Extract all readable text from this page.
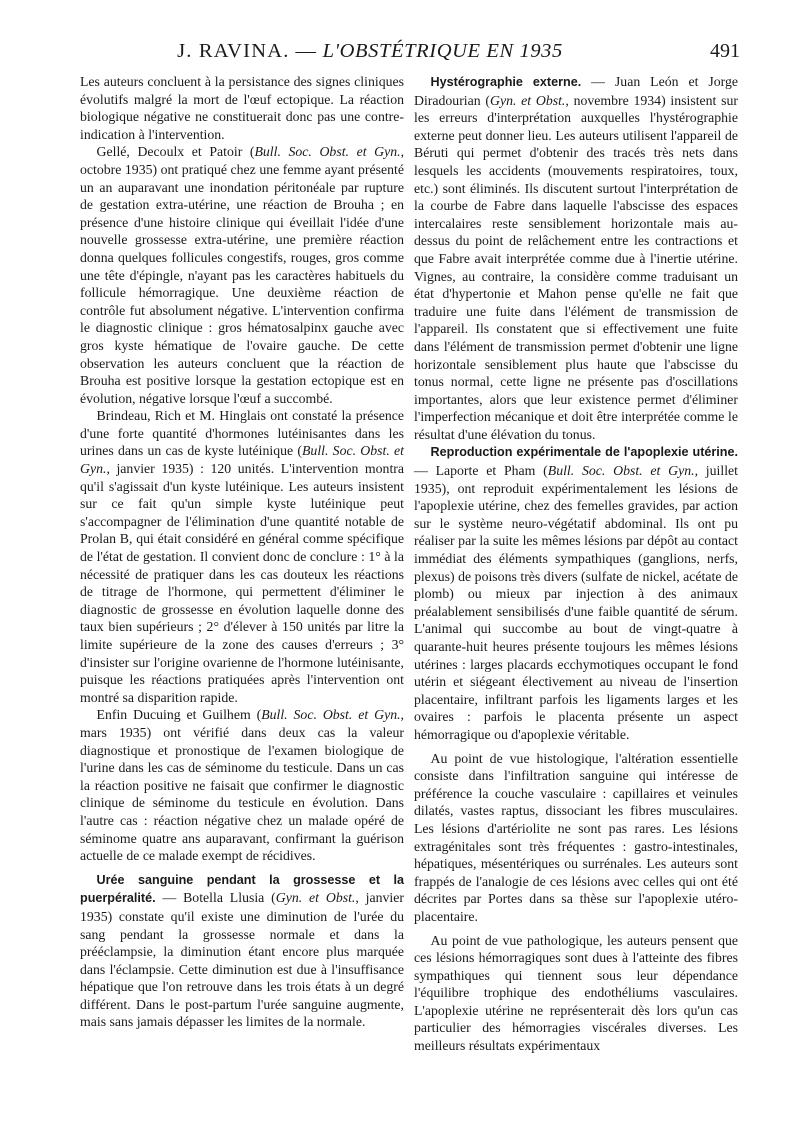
J. RAVINA. — L'OBSTÉTRIQUE EN 1935	491

Les auteurs concluent à la persistance des signes cliniques évolutifs malgré la mort de l'œuf ectopique. La réaction biologique négative ne constituerait donc pas une contre-indication à l'intervention.

Gellé, Decoulx et Patoir (Bull. Soc. Obst. et Gyn., octobre 1935) ont pratiqué chez une femme ayant présenté un an auparavant une inondation péritonéale par rupture de gestation extra-utérine, une réaction de Brouha ; en présence d'une histoire clinique qui éveillait l'idée d'une nouvelle grossesse extra-utérine, une première réaction donna quelques follicules congestifs, rouges, gros comme une tête d'épingle, n'ayant pas les caractères habituels du follicule hémorragique. Une deuxième réaction de contrôle fut absolument négative. L'intervention confirma le diagnostic clinique : gros hématosalpinx gauche avec gros kyste hématique de l'ovaire gauche. De cette observation les auteurs concluent que la réaction de Brouha est positive lorsque la gestation ectopique est en évolution, négative lorsque l'œuf a succombé.

Brindeau, Rich et M. Hinglais ont constaté la présence d'une forte quantité d'hormones lutéinisantes dans les urines dans un cas de kyste lutéinique (Bull. Soc. Obst. et Gyn., janvier 1935) : 120 unités. L'intervention montra qu'il s'agissait d'un kyste lutéinique. Les auteurs insistent sur ce fait qu'un simple kyste lutéinique peut s'accompagner de l'élimination d'une quantité notable de Prolan B, qui était considéré en général comme spécifique de l'état de gestation. Il convient donc de conclure : 1° à la nécessité de pratiquer dans les cas douteux les réactions de titrage de l'hormone, qui permettent d'éliminer le diagnostic de grossesse en évolution laquelle donne des taux bien supérieurs ; 2° d'élever à 150 unités par litre la limite supérieure de la zone des causes d'erreurs ; 3° d'insister sur l'origine ovarienne de l'hormone lutéinisante, puisque les réactions pratiquées après l'intervention ont montré sa disparition rapide.

Enfin Ducuing et Guilhem (Bull. Soc. Obst. et Gyn., mars 1935) ont vérifié dans deux cas la valeur diagnostique et pronostique de l'examen biologique de l'urine dans les cas de séminome du testicule. Dans un cas la réaction positive ne faisait que confirmer le diagnostic clinique de séminome du testicule en évolution. Dans l'autre cas : réaction négative chez un malade opéré de séminome quatre ans auparavant, confirmant la guérison actuelle de ce malade exempt de récidives.

Urée sanguine pendant la grossesse et la puerpéralité. — Botella Llusia (Gyn. et Obst., janvier 1935) constate qu'il existe une diminution de l'urée du sang pendant la grossesse normale et dans la prééclampsie, la diminution étant encore plus marquée dans l'éclampsie. Cette diminution est due à l'insuffisance hépatique que l'on retrouve dans les trois états à un degré différent. Dans le post-partum l'urée sanguine augmente, mais sans jamais dépasser les limites de la normale.

Hystérographie externe. — Juan León et Jorge Diradourian (Gyn. et Obst., novembre 1934) insistent sur les erreurs d'interprétation auxquelles l'hystérographie externe peut donner lieu. Les auteurs utilisent l'appareil de Béruti qui permet d'obtenir des tracés très nets dans lesquels les accidents (mouvements respiratoires, toux, etc.) sont éliminés. Ils discutent surtout l'interprétation de la courbe de Fabre dans laquelle l'abscisse des espaces intercalaires reste sensiblement horizontale mais au-dessus du point de relâchement entre les contractions et que Fabre avait interprétée comme due à l'inertie utérine. Vignes, au contraire, la considère comme traduisant un état d'hypertonie et Mahon pense qu'elle ne fait que traduire une fuite dans l'élément de transmission de l'appareil. Ils constatent que si effectivement une fuite dans l'élément de transmission permet d'obtenir une ligne horizontale sensiblement plus haute que l'abscisse du tonus normal, cette ligne ne présente pas d'oscillations importantes, alors que leur existence permet d'éliminer l'imperfection mécanique et doit être interprétée comme le résultat d'une élévation du tonus.

Reproduction expérimentale de l'apoplexie utérine. — Laporte et Pham (Bull. Soc. Obst. et Gyn., juillet 1935), ont reproduit expérimentalement les lésions de l'apoplexie utérine, chez des femelles gravides, par action sur le système neuro-végétatif abdominal. Ils ont pu réaliser par la suite les mêmes lésions par dépôt au contact immédiat des éléments sympathiques (ganglions, nerfs, plexus) de poisons très divers (sulfate de nickel, acétate de plomb) ou mieux par injection à des animaux préalablement sensibilisés d'une faible quantité de sérum. L'animal qui succombe au bout de vingt-quatre à quarante-huit heures présente toujours les mêmes lésions utérines : larges placards ecchymotiques occupant le fond utérin et siégeant électivement au niveau de l'insertion placentaire, infiltrant parfois les ligaments larges et les ovaires : parfois le placenta présente un aspect hémorragique ou d'apoplexie véritable.

Au point de vue histologique, l'altération essentielle consiste dans l'infiltration sanguine qui intéresse de préférence la couche vasculaire : capillaires et veinules dilatés, vastes raptus, dissociant les fibres musculaires. Les lésions d'artériolite ne sont pas rares. Les lésions extragénitales sont très fréquentes : gastro-intestinales, hépatiques, mésentériques ou surrénales. Les auteurs sont frappés de l'analogie de ces lésions avec celles qui ont été décrites par Portes dans sa thèse sur l'apoplexie utéro-placentaire.

Au point de vue pathologique, les auteurs pensent que ces lésions hémorragiques sont dues à l'atteinte des fibres sympathiques qui tiennent sous leur dépendance l'équilibre trophique des endothéliums vasculaires. L'apoplexie utérine ne représenterait dès lors qu'un cas particulier des hémorragies viscérales diverses. Les meilleurs résultats expérimentaux
